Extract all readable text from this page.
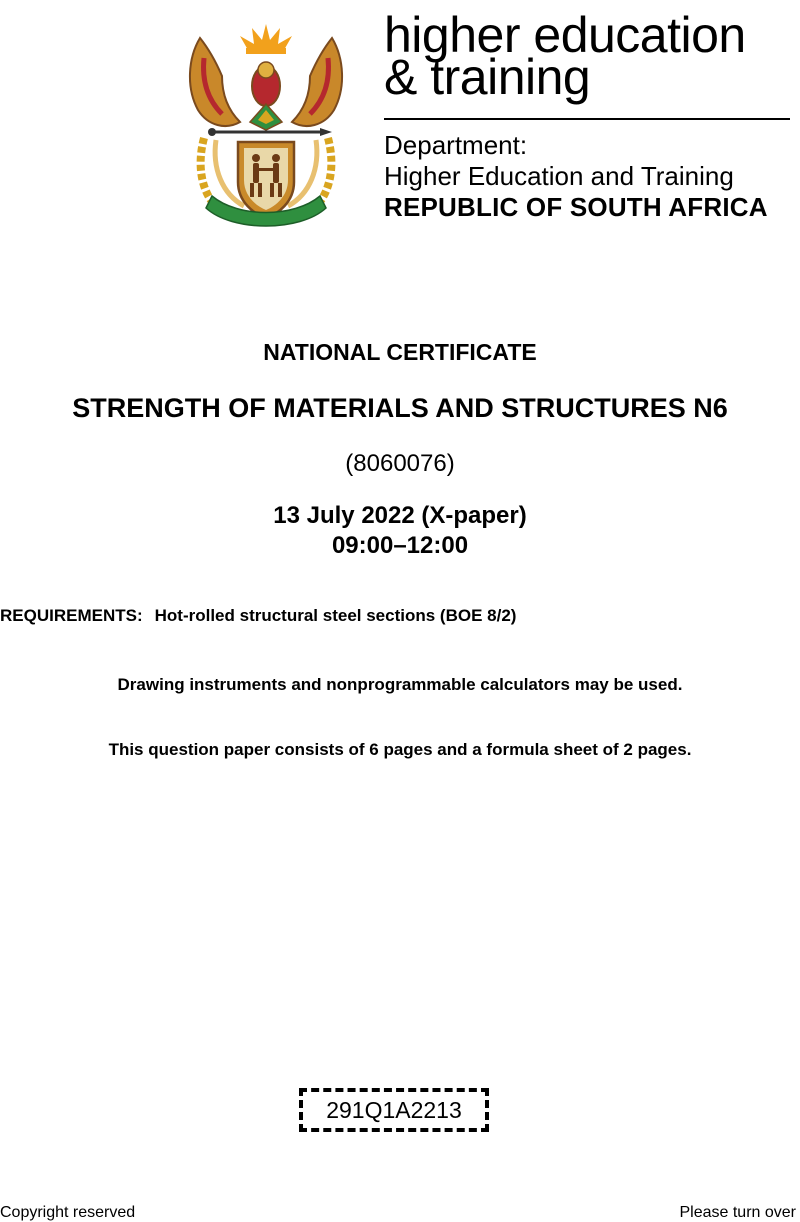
higher education
& training
Department:
Higher Education and Training
REPUBLIC OF SOUTH AFRICA
NATIONAL CERTIFICATE
STRENGTH OF MATERIALS AND STRUCTURES N6
(8060076)
13 July 2022 (X-paper)
09:00–12:00
REQUIREMENTS: Hot-rolled structural steel sections (BOE 8/2)
Drawing instruments and nonprogrammable calculators may be used.
This question paper consists of 6 pages and a formula sheet of 2 pages.
291Q1A2213
Copyright reserved	Please turn over
